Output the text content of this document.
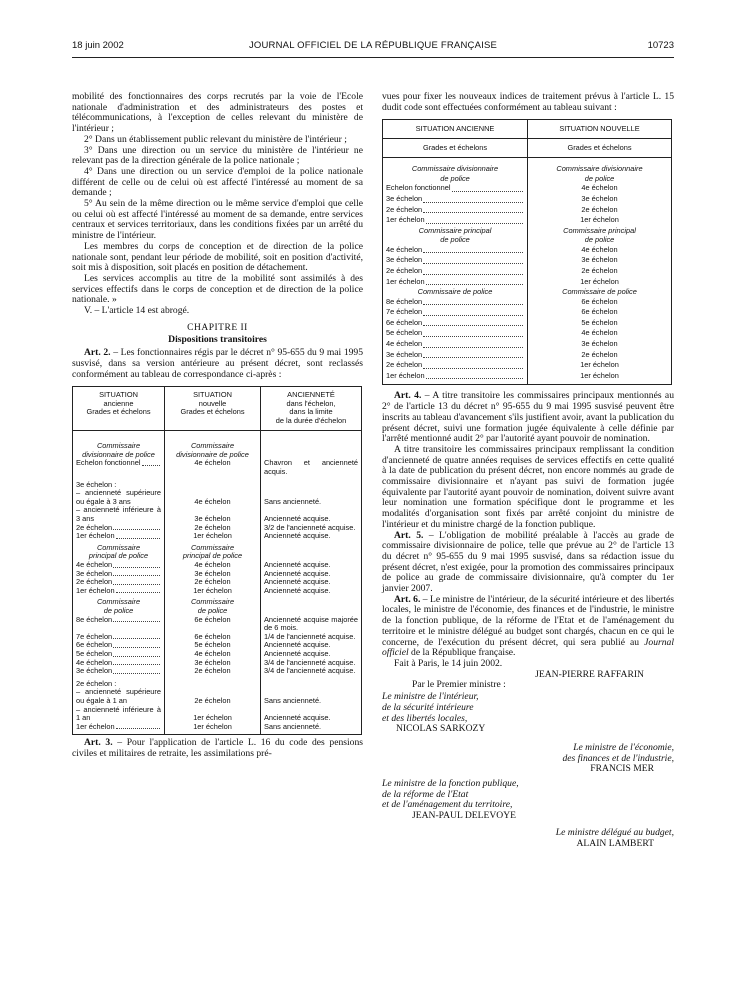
18 juin 2002	JOURNAL OFFICIEL DE LA RÉPUBLIQUE FRANÇAISE	10723

mobilité des fonctionnaires des corps recrutés par la voie de l'Ecole nationale d'administration et des administrateurs des postes et télécommunications, à l'exception de celles relevant du ministère de l'intérieur ;

2° Dans un établissement public relevant du ministère de l'intérieur ;

3° Dans une direction ou un service du ministère de l'intérieur ne relevant pas de la direction générale de la police nationale ;

4° Dans une direction ou un service d'emploi de la police nationale différent de celle ou de celui où est affecté l'intéressé au moment de sa demande ;

5° Au sein de la même direction ou le même service d'emploi que celle ou celui où est affecté l'intéressé au moment de sa demande, entre services centraux et services territoriaux, dans les conditions fixées par un arrêté du ministre de l'intérieur.

Les membres du corps de conception et de direction de la police nationale sont, pendant leur période de mobilité, soit en position d'activité, soit mis à disposition, soit placés en position de détachement.

Les services accomplis au titre de la mobilité sont assimilés à des services effectifs dans le corps de conception et de direction de la police nationale. »

V. – L'article 14 est abrogé.

CHAPITRE II
Dispositions transitoires

Art. 2. – Les fonctionnaires régis par le décret n° 95-655 du 9 mai 1995 susvisé, dans sa version antérieure au présent décret, sont reclassés conformément au tableau de correspondance ci-après :

SITUATION
ancienne
Grades et échelons	SITUATION
nouvelle
Grades et échelons	ANCIENNETÉ
dans l'échelon,
dans la limite
de la durée d'échelon

Commissaire
divisionnaire de police	Commissaire
divisionnaire de police	

Echelon fonctionnel	4e échelon	Chavron et ancienneté acquis.
3e échelon :		
– ancienneté supérieure ou égale à 3 ans	4e échelon	Sans ancienneté.
– ancienneté inférieure à 3 ans	3e échelon	Ancienneté acquise.

2e échelon	2e échelon	3/2 de l'ancienneté acquise.

1er échelon	1er échelon	Ancienneté acquise.
Commissaire
principal de police	Commissaire
principal de police	

4e échelon	4e échelon	Ancienneté acquise.

3e échelon	3e échelon	Ancienneté acquise.

2e échelon	2e échelon	Ancienneté acquise.

1er échelon	1er échelon	Ancienneté acquise.
Commissaire
de police	Commissaire
de police	

8e échelon	6e échelon	Ancienneté acquise majorée de 6 mois.

7e échelon	6e échelon	1/4 de l'ancienneté acquise.

6e échelon	5e échelon	Ancienneté acquise.

5e échelon	4e échelon	Ancienneté acquise.

4e échelon	3e échelon	3/4 de l'ancienneté acquise.

3e échelon	2e échelon	3/4 de l'ancienneté acquise.
2e échelon :		
– ancienneté supérieure ou égale à 1 an	2e échelon	Sans ancienneté.
– ancienneté inférieure à 1 an	1er échelon	Ancienneté acquise.

1er échelon	1er échelon	Sans ancienneté.

Art. 3. – Pour l'application de l'article L. 16 du code des pensions civiles et militaires de retraite, les assimilations pré-

vues pour fixer les nouveaux indices de traitement prévus à l'article L. 15 dudit code sont effectuées conformément au tableau suivant :

SITUATION ANCIENNE	SITUATION NOUVELLE
Grades et échelons	Grades et échelons

Commissaire divisionnaire
de police	Commissaire divisionnaire
de police

Echelon fonctionnel	4e échelon

3e échelon	3e échelon

2e échelon	2e échelon

1er échelon	1er échelon
Commissaire principal
de police	Commissaire principal
de police

4e échelon	4e échelon

3e échelon	3e échelon

2e échelon	2e échelon

1er échelon	1er échelon
Commissaire de police	Commissaire de police

8e échelon	6e échelon

7e échelon	6e échelon

6e échelon	5e échelon

5e échelon	4e échelon

4e échelon	3e échelon

3e échelon	2e échelon

2e échelon	1er échelon

1er échelon	1er échelon

Art. 4. – A titre transitoire les commissaires principaux mentionnés au 2° de l'article 13 du décret n° 95-655 du 9 mai 1995 susvisé peuvent être inscrits au tableau d'avancement s'ils justifient avoir, avant la publication du présent décret, suivi une formation jugée équivalente à celle définie par l'arrêté mentionné audit 2° par l'autorité ayant pouvoir de nomination.

A titre transitoire les commissaires principaux remplissant la condition d'ancienneté de quatre années requises de services effectifs en cette qualité à la date de publication du présent décret, non encore nommés au grade de commissaire divisionnaire et n'ayant pas suivi de formation jugée équivalente par l'autorité ayant pouvoir de nomination, doivent suivre avant leur nomination une formation spécifique dont le programme et les modalités d'organisation sont fixés par arrêté conjoint du ministre de l'intérieur et du ministre chargé de la fonction publique.

Art. 5. – L'obligation de mobilité préalable à l'accès au grade de commissaire divisionnaire de police, telle que prévue au 2° de l'article 13 du décret n° 95-655 du 9 mai 1995 susvisé, dans sa rédaction issue du présent décret, n'est exigée, pour la promotion des commissaires principaux de police au grade de commissaire divisionnaire, qu'à compter du 1er janvier 2007.

Art. 6. – Le ministre de l'intérieur, de la sécurité intérieure et des libertés locales, le ministre de l'économie, des finances et de l'industrie, le ministre de la fonction publique, de la réforme de l'Etat et de l'aménagement du territoire et le ministre délégué au budget sont chargés, chacun en ce qui le concerne, de l'exécution du présent décret, qui sera publié au Journal officiel de la République française.

Fait à Paris, le 14 juin 2002.

JEAN-PIERRE RAFFARIN
Par le Premier ministre :
Le ministre de l'intérieur,
de la sécurité intérieure
et des libertés locales,
NICOLAS SARKOZY
Le ministre de l'économie,
des finances et de l'industrie,
FRANCIS MER
Le ministre de la fonction publique,
de la réforme de l'Etat
et de l'aménagement du territoire,
JEAN-PAUL DELEVOYE
Le ministre délégué au budget,
ALAIN LAMBERT
